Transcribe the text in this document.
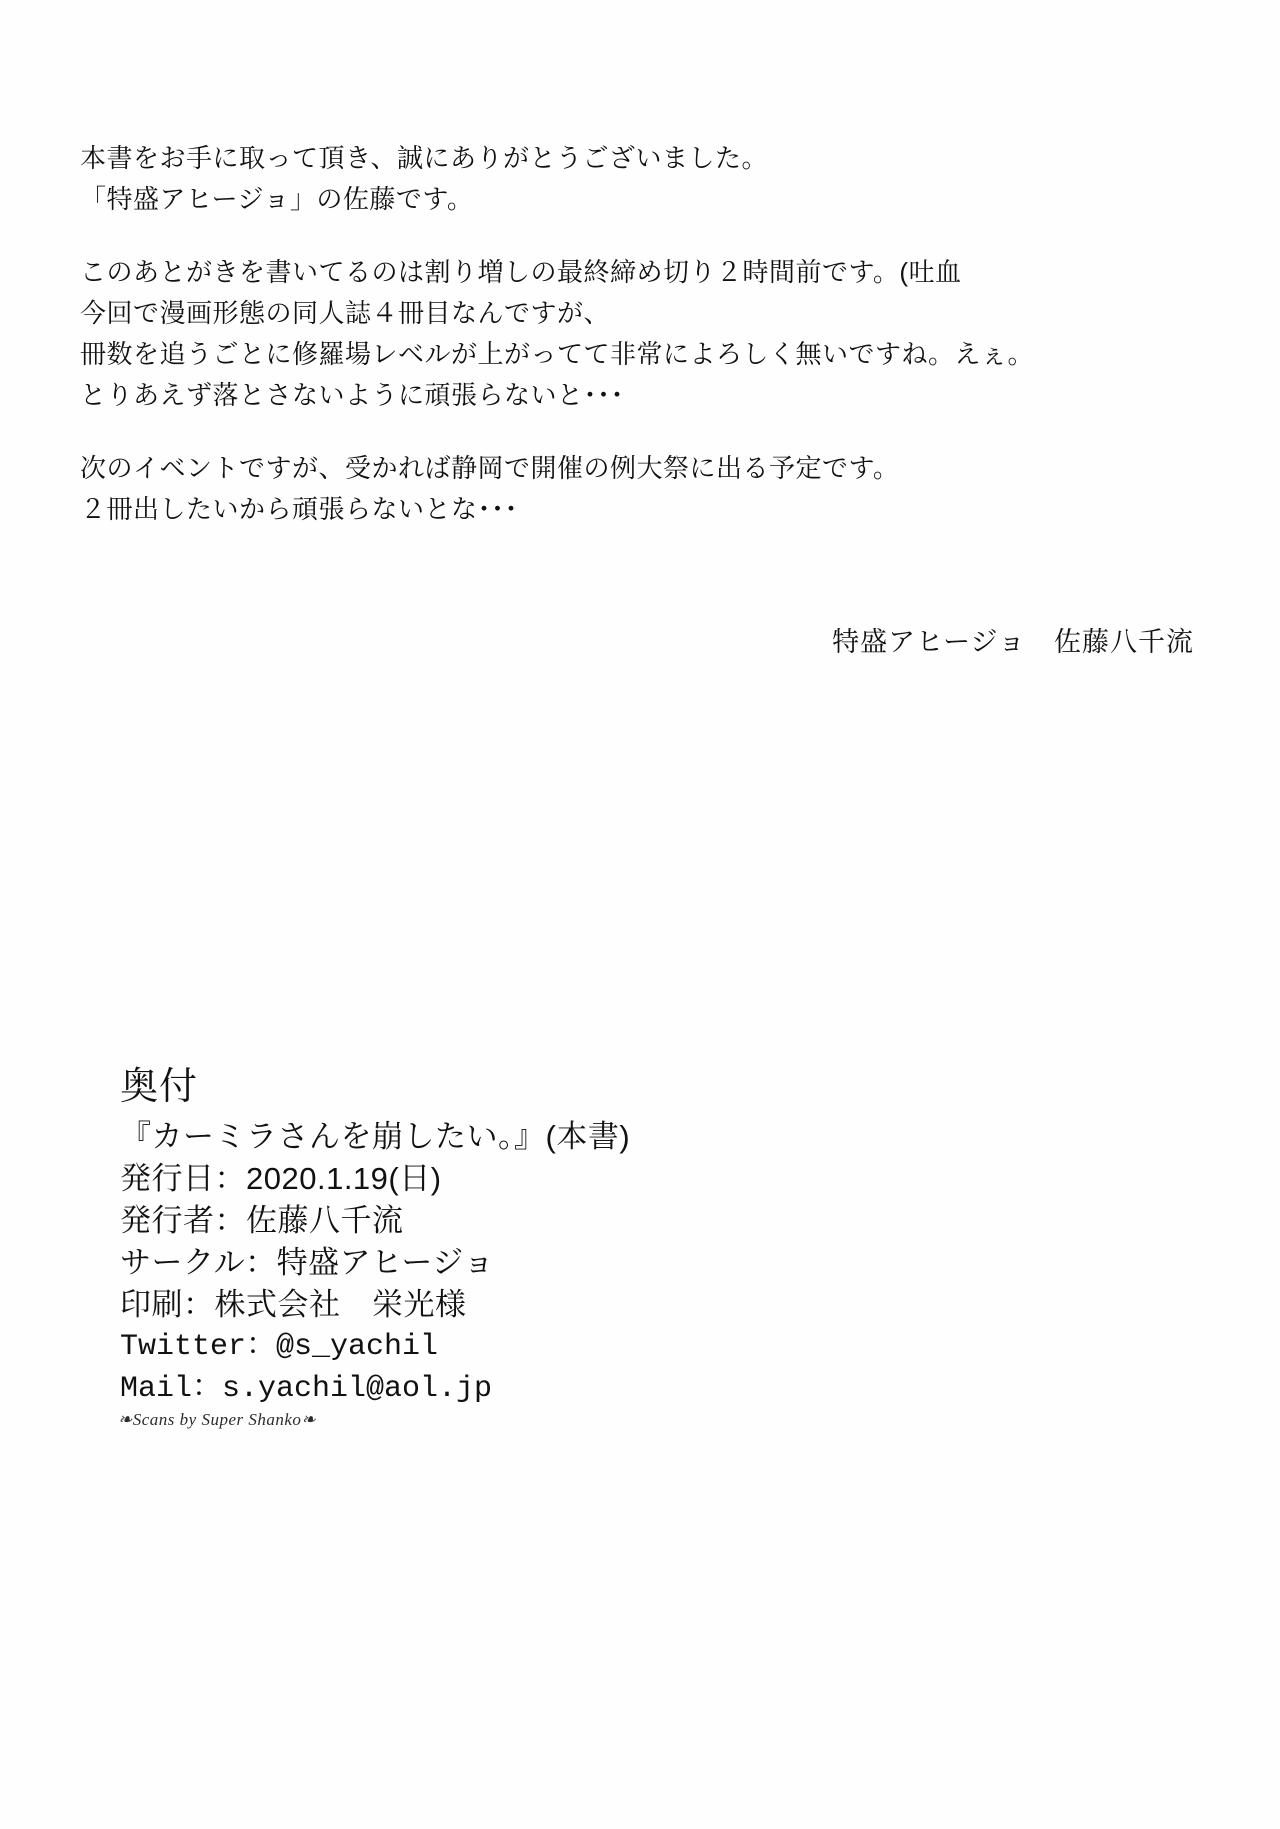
本書をお手に取って頂き、誠にありがとうございました。
「特盛アヒージョ」の佐藤です。
このあとがきを書いてるのは割り増しの最終締め切り２時間前です。(吐血
今回で漫画形態の同人誌４冊目なんですが、
冊数を追うごとに修羅場レベルが上がってて非常によろしく無いですね。えぇ。
とりあえず落とさないように頑張らないと･･･
次のイベントですが、受かれば静岡で開催の例大祭に出る予定です。
２冊出したいから頑張らないとな･･･
特盛アヒージョ　佐藤八千流
奥付
『カーミラさんを崩したい。』(本書)
発行日：2020.1.19(日)
発行者：佐藤八千流
サークル：特盛アヒージョ
印刷：株式会社　栄光様
Twitter：@s_yachil
Mail：s.yachil@aol.jp
❧Scans by Super Shanko❧
